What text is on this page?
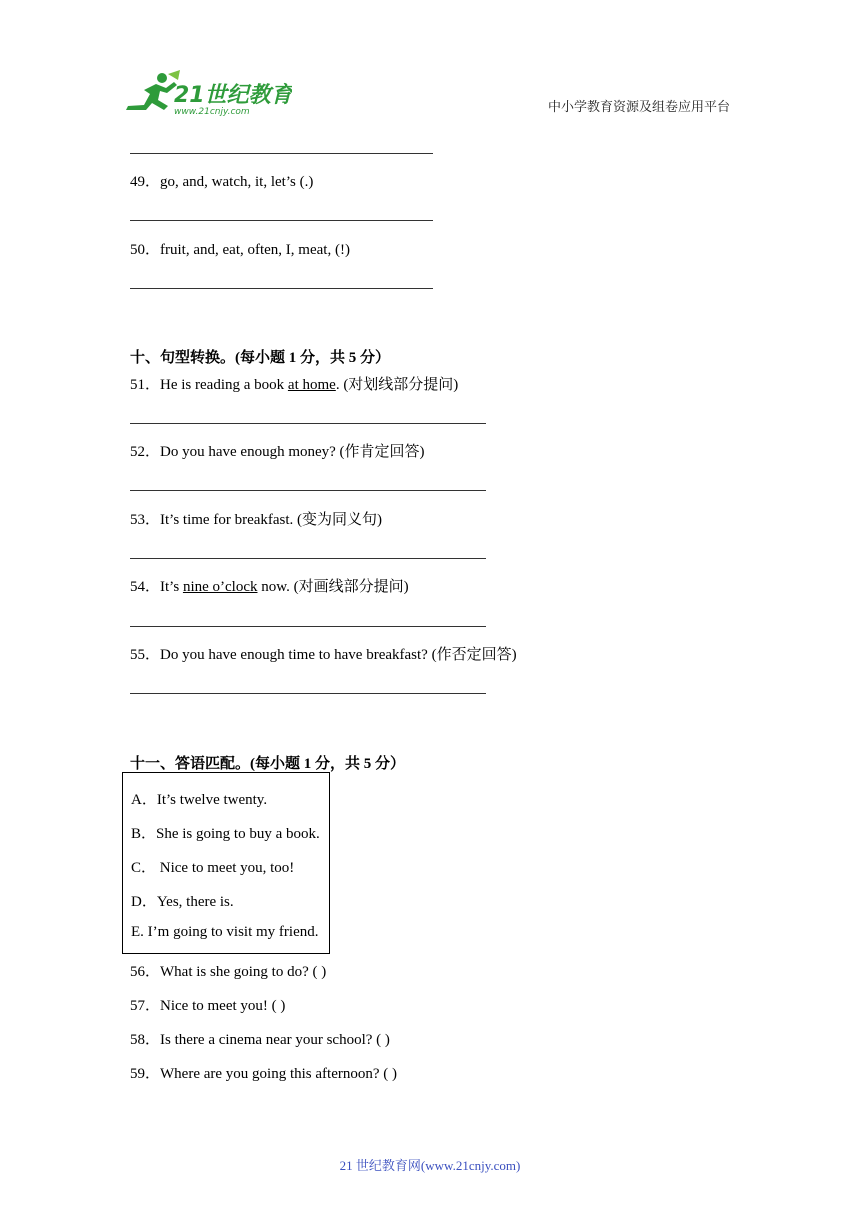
21世纪教育
www.21cnjy.com	中小学教育资源及组卷应用平台
49．go, and, watch, it, let’s (.)
50．fruit, and, eat, often, I, meat, (!)
十、句型转换。(每小题 1 分，共 5 分）
51．He is reading a book at home. (对划线部分提问)
52．Do you have enough money? (作肯定回答)
53．It’s time for breakfast. (变为同义句)
54．It’s nine o’clock now. (对画线部分提问)
55．Do you have enough time to have breakfast? (作否定回答)
十一、答语匹配。(每小题 1 分，共 5 分）
A．It’s twelve twenty.
B．She is going to buy a book.
C． Nice to meet you, too!
D．Yes, there is.
E. I’m going to visit my friend.
56．What is she going to do? ( )
57．Nice to meet you! ( )
58．Is there a cinema near your school? ( )
59．Where are you going this afternoon? ( )
21 世纪教育网(www.21cnjy.com)
